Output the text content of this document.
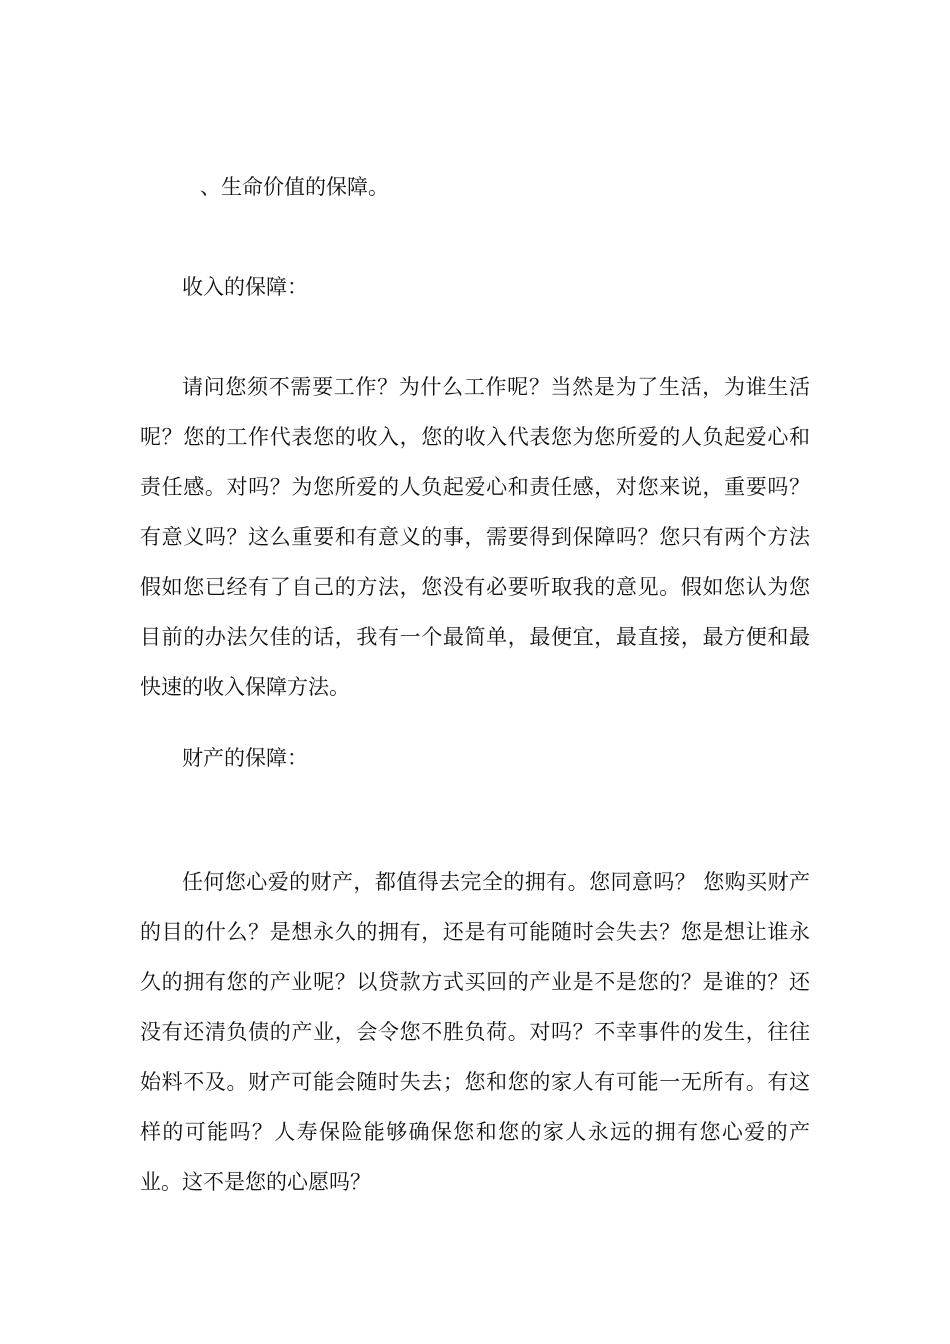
、生命价值的保障。

收入的保障：

请问您须不需要工作？为什么工作呢？当然是为了生活，为谁生活呢？您的工作代表您的收入，您的收入代表您为您所爱的人负起爱心和责任感。对吗？为您所爱的人负起爱心和责任感，对您来说，重要吗？有意义吗？这么重要和有意义的事，需要得到保障吗？您只有两个方法 假如您已经有了自己的方法，您没有必要听取我的意见。假如您认为您目前的办法欠佳的话，我有一个最简单，最便宜，最直接，最方便和最快速的收入保障方法。

财产的保障：

任何您心爱的财产，都值得去完全的拥有。您同意吗？ 您购买财产的目的什么？是想永久的拥有，还是有可能随时会失去？您是想让谁永久的拥有您的产业呢？以贷款方式买回的产业是不是您的？是谁的？还没有还清负债的产业，会令您不胜负荷。对吗？不幸事件的发生，往往始料不及。财产可能会随时失去；您和您的家人有可能一无所有。有这样的可能吗？人寿保险能够确保您和您的家人永远的拥有您心爱的产业。这不是您的心愿吗？
